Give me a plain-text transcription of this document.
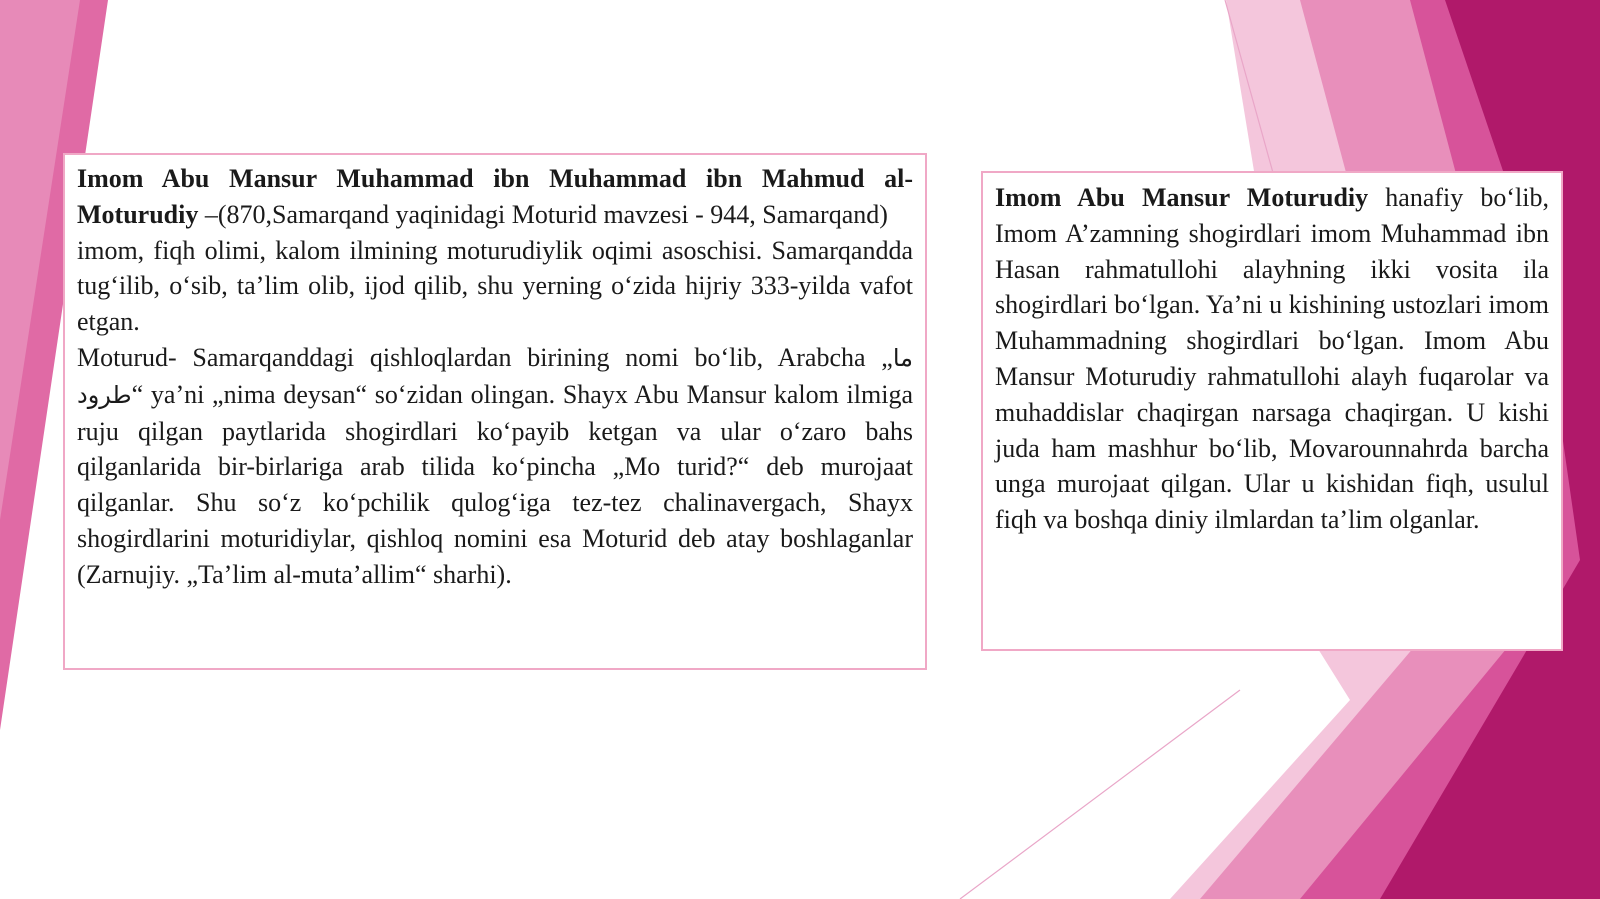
Imom Abu Mansur Muhammad ibn Muhammad ibn Mahmud al-Moturudiy –(870,Samarqand yaqinidagi Moturid mavzesi - 944, Samarqand)

imom, fiqh olimi, kalom ilmining moturudiylik oqimi asoschisi. Samarqandda tug‘ilib, o‘sib, ta’lim olib, ijod qilib, shu yerning o‘zida hijriy 333-yilda vafot etgan.

Moturud- Samarqanddagi qishloqlardan birining nomi bo‘lib, Arabcha „ما طرود“ ya’ni „nima deysan“ so‘zidan olingan. Shayx Abu Mansur kalom ilmiga ruju qilgan paytlarida shogirdlari ko‘payib ketgan va ular o‘zaro bahs qilganlarida bir-birlariga arab tilida ko‘pincha „Mo turid?“ deb murojaat qilganlar. Shu so‘z ko‘pchilik qulog‘iga tez-tez chalinavergach, Shayx shogirdlarini moturidiylar, qishloq nomini esa Moturid deb atay boshlaganlar (Zarnujiy. „Ta’lim al-muta’allim“ sharhi).

Imom Abu Mansur Moturudiy hanafiy bo‘lib, Imom A’zamning shogirdlari imom Muhammad ibn Hasan rahmatullohi alayhning ikki vosita ila shogirdlari bo‘lgan. Ya’ni u kishining ustozlari imom Muhammadning shogirdlari bo‘lgan. Imom Abu Mansur Moturudiy rahmatullohi alayh fuqarolar va muhaddislar chaqirgan narsaga chaqirgan. U kishi juda ham mashhur bo‘lib, Movarounnahrda barcha unga murojaat qilgan. Ular u kishidan fiqh, usulul fiqh va boshqa diniy ilmlardan ta’lim olganlar.
